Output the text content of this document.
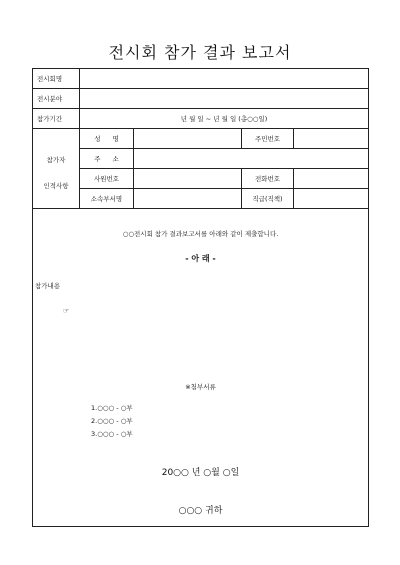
전시회 참가 결과 보고서
전시회명				
전시분야				
참가기간	년 월 일 ~ 년 월 일 (총○○일)			

참가자
인적사항	성명		주민번호	
	주소			
	사원번호		전화번호	
	소속부서명		직급(직책)	
○○전시회 참가 결과보고서를 아래와 같이 제출합니다.
- 아 래 -
참가내용
☞
※첨부서류
1.○○○ - ○부
2.○○○ - ○부
3.○○○ - ○부
20○○ 년 ○월 ○일
○○○ 귀하
